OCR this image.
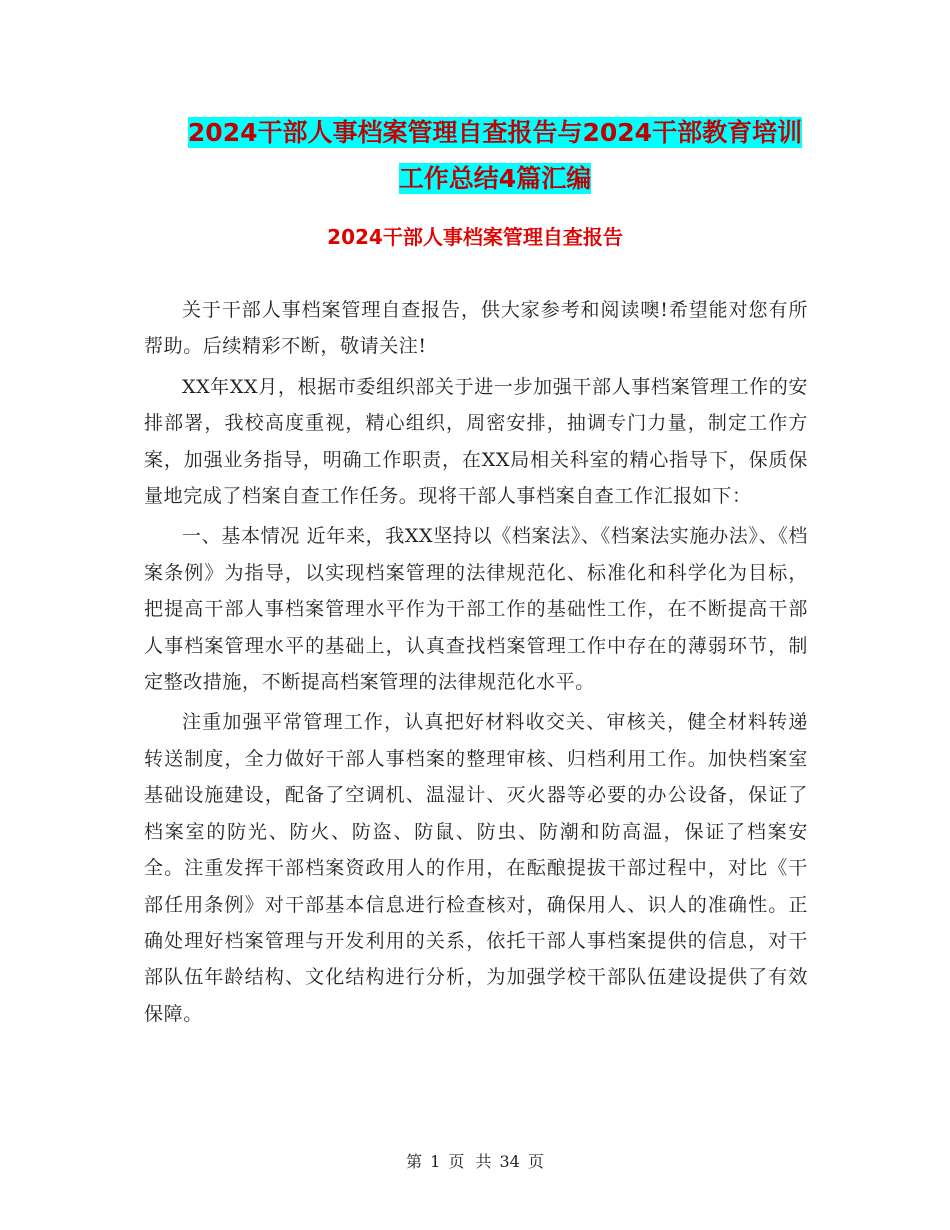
2024干部人事档案管理自查报告与2024干部教育培训
工作总结4篇汇编
2024干部人事档案管理自查报告

关于干部人事档案管理自查报告，供大家参考和阅读噢!希望能对您有所帮助。后续精彩不断，敬请关注!

XX年XX月，根据市委组织部关于进一步加强干部人事档案管理工作的安排部署，我校高度重视，精心组织，周密安排，抽调专门力量，制定工作方案，加强业务指导，明确工作职责，在XX局相关科室的精心指导下，保质保量地完成了档案自查工作任务。现将干部人事档案自查工作汇报如下：

一、基本情况 近年来，我XX坚持以《档案法》、《档案法实施办法》、《档案条例》为指导，以实现档案管理的法律规范化、标准化和科学化为目标，把提高干部人事档案管理水平作为干部工作的基础性工作，在不断提高干部人事档案管理水平的基础上，认真查找档案管理工作中存在的薄弱环节，制定整改措施，不断提高档案管理的法律规范化水平。

注重加强平常管理工作，认真把好材料收交关、审核关，健全材料转递转送制度，全力做好干部人事档案的整理审核、归档利用工作。加快档案室基础设施建设，配备了空调机、温湿计、灭火器等必要的办公设备，保证了档案室的防光、防火、防盗、防鼠、防虫、防潮和防高温，保证了档案安全。注重发挥干部档案资政用人的作用，在酝酿提拔干部过程中，对比《干部任用条例》对干部基本信息进行检查核对，确保用人、识人的准确性。正确处理好档案管理与开发利用的关系，依托干部人事档案提供的信息，对干部队伍年龄结构、文化结构进行分析，为加强学校干部队伍建设提供了有效保障。

第 1 页 共 34 页
